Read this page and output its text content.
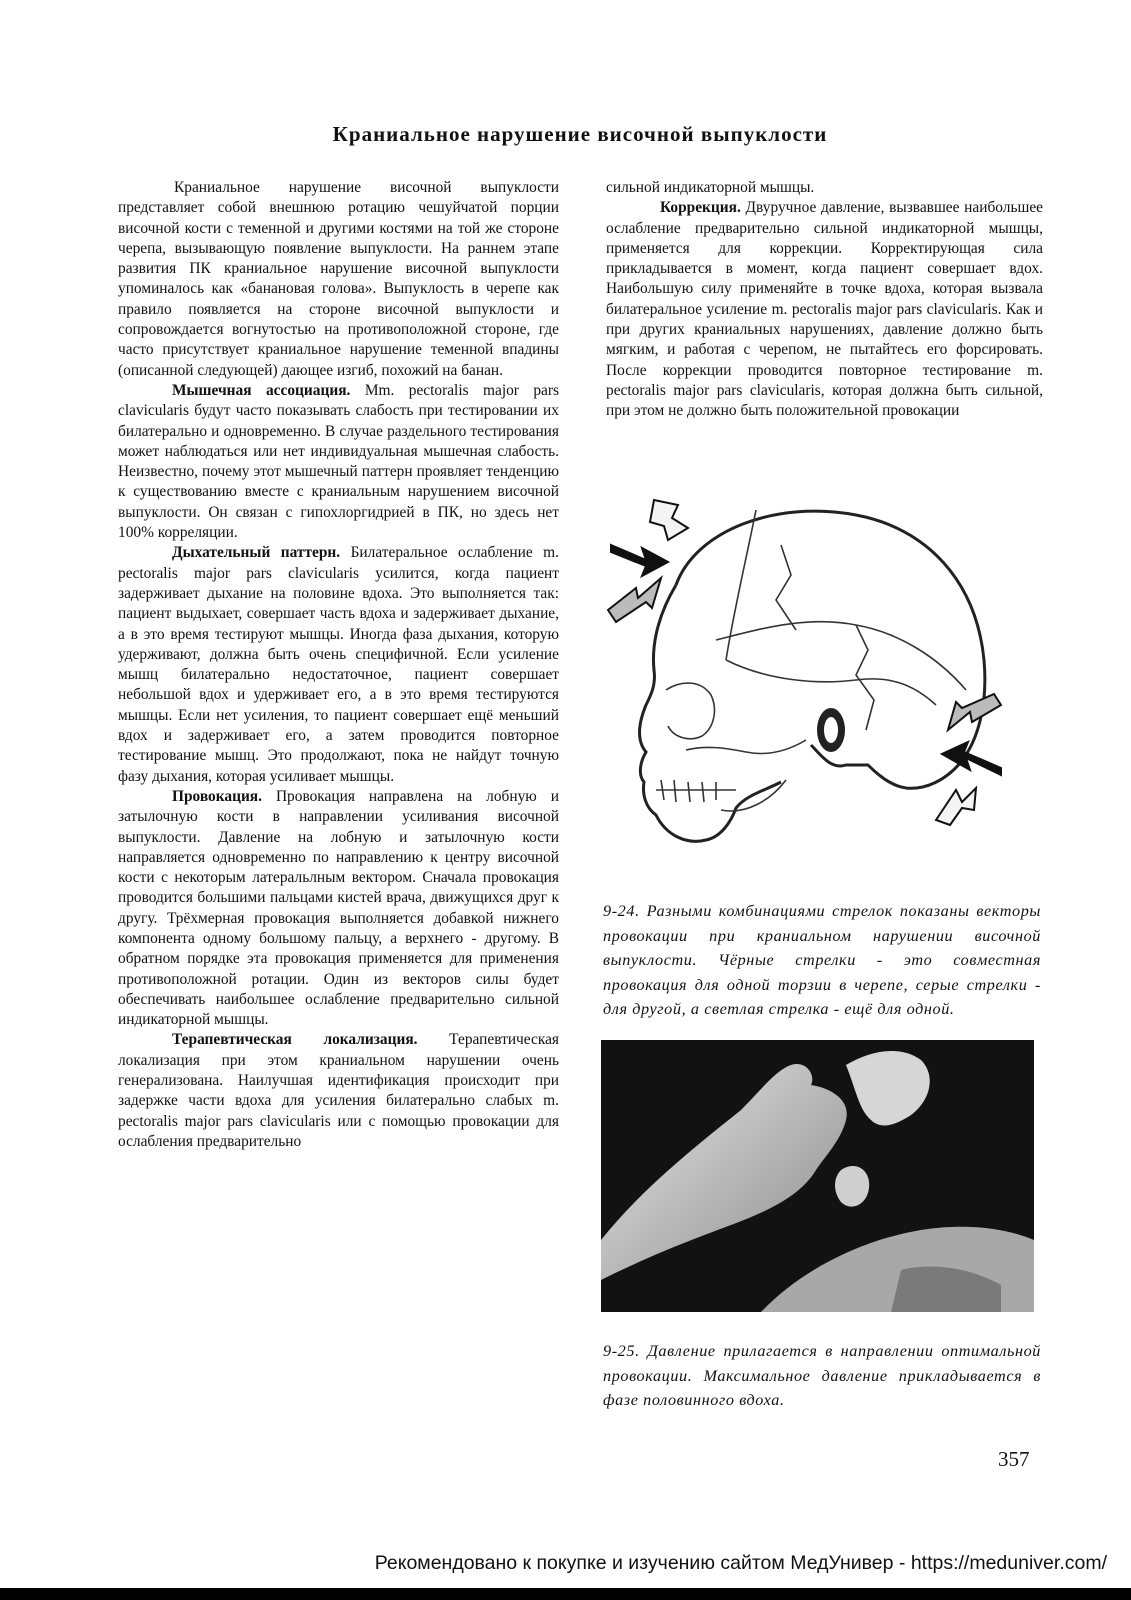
Краниальное нарушение височной выпуклости

Краниальное нарушение височной выпуклости представляет собой внешнюю ротацию чешуйчатой порции височной кости с теменной и другими костями на той же стороне черепа, вызывающую появление выпуклости. На раннем этапе развития ПК краниальное нарушение височной выпуклости упоминалось как «банановая голова». Выпуклость в черепе как правило появляется на стороне височной выпуклости и сопровождается вогнутостью на противоположной стороне, где часто присутствует краниальное нарушение теменной впадины (описанной следующей) дающее изгиб, похожий на банан.

Мышечная ассоциация. Mm. pectoralis major pars clavicularis будут часто показывать слабость при тестировании их билатерально и одновременно. В случае раздельного тестирования может наблюдаться или нет индивидуальная мышечная слабость. Неизвестно, почему этот мышечный паттерн проявляет тенденцию к существованию вместе с краниальным нарушением височной выпуклости. Он связан с гипохлоргидрией в ПК, но здесь нет 100% корреляции.

Дыхательный паттерн. Билатеральное ослабление m. pectoralis major pars clavicularis усилится, когда пациент задерживает дыхание на половине вдоха. Это выполняется так: пациент выдыхает, совершает часть вдоха и задерживает дыхание, а в это время тестируют мышцы. Иногда фаза дыхания, которую удерживают, должна быть очень специфичной. Если усиление мышц билатерально недостаточное, пациент совершает небольшой вдох и удерживает его, а в это время тестируются мышцы. Если нет усиления, то пациент совершает ещё меньший вдох и задерживает его, а затем проводится повторное тестирование мышц. Это продолжают, пока не найдут точную фазу дыхания, которая усиливает мышцы.

Провокация. Провокация направлена на лобную и затылочную кости в направлении усиливания височной выпуклости. Давление на лобную и затылочную кости направляется одновременно по направлению к центру височной кости с некоторым латеральлным вектором. Сначала провокация проводится большими пальцами кистей врача, движущихся друг к другу. Трёхмерная провокация выполняется добавкой нижнего компонента одному большому пальцу, а верхнего - другому. В обратном порядке эта провокация применяется для применения противоположной ротации. Один из векторов силы будет обеспечивать наибольшее ослабление предварительно сильной индикаторной мышцы.

Терапевтическая локализация. Терапевтическая локализация при этом краниальном нарушении очень генерализована. Наилучшая идентификация происходит при задержке части вдоха для усиления билатерально слабых m. pectoralis major pars clavicularis или с помощью провокации для ослабления предварительно

сильной индикаторной мышцы.

Коррекция. Двуручное давление, вызвавшее наибольшее ослабление предварительно сильной индикаторной мышцы, применяется для коррекции. Корректирующая сила прикладывается в момент, когда пациент совершает вдох. Наибольшую силу применяйте в точке вдоха, которая вызвала билатеральное усиление m. pectoralis major pars clavicularis. Как и при других краниальных нарушениях, давление должно быть мягким, и работая с черепом, не пытайтесь его форсировать. После коррекции проводится повторное тестирование m. pectoralis major pars clavicularis, которая должна быть сильной, при этом не должно быть положительной провокации

9-24. Разными комбинациями стрелок показаны векторы провокации при краниальном нарушении височной выпуклости. Чёрные стрелки - это совместная провокация для одной торзии в черепе, серые стрелки - для другой, а светлая стрелка - ещё для одной.

9-25. Давление прилагается в направлении оптимальной провокации. Максимальное давление прикладывается в фазе половинного вдоха.

357
Рекомендовано к покупке и изучению сайтом МедУнивер - https://meduniver.com/
